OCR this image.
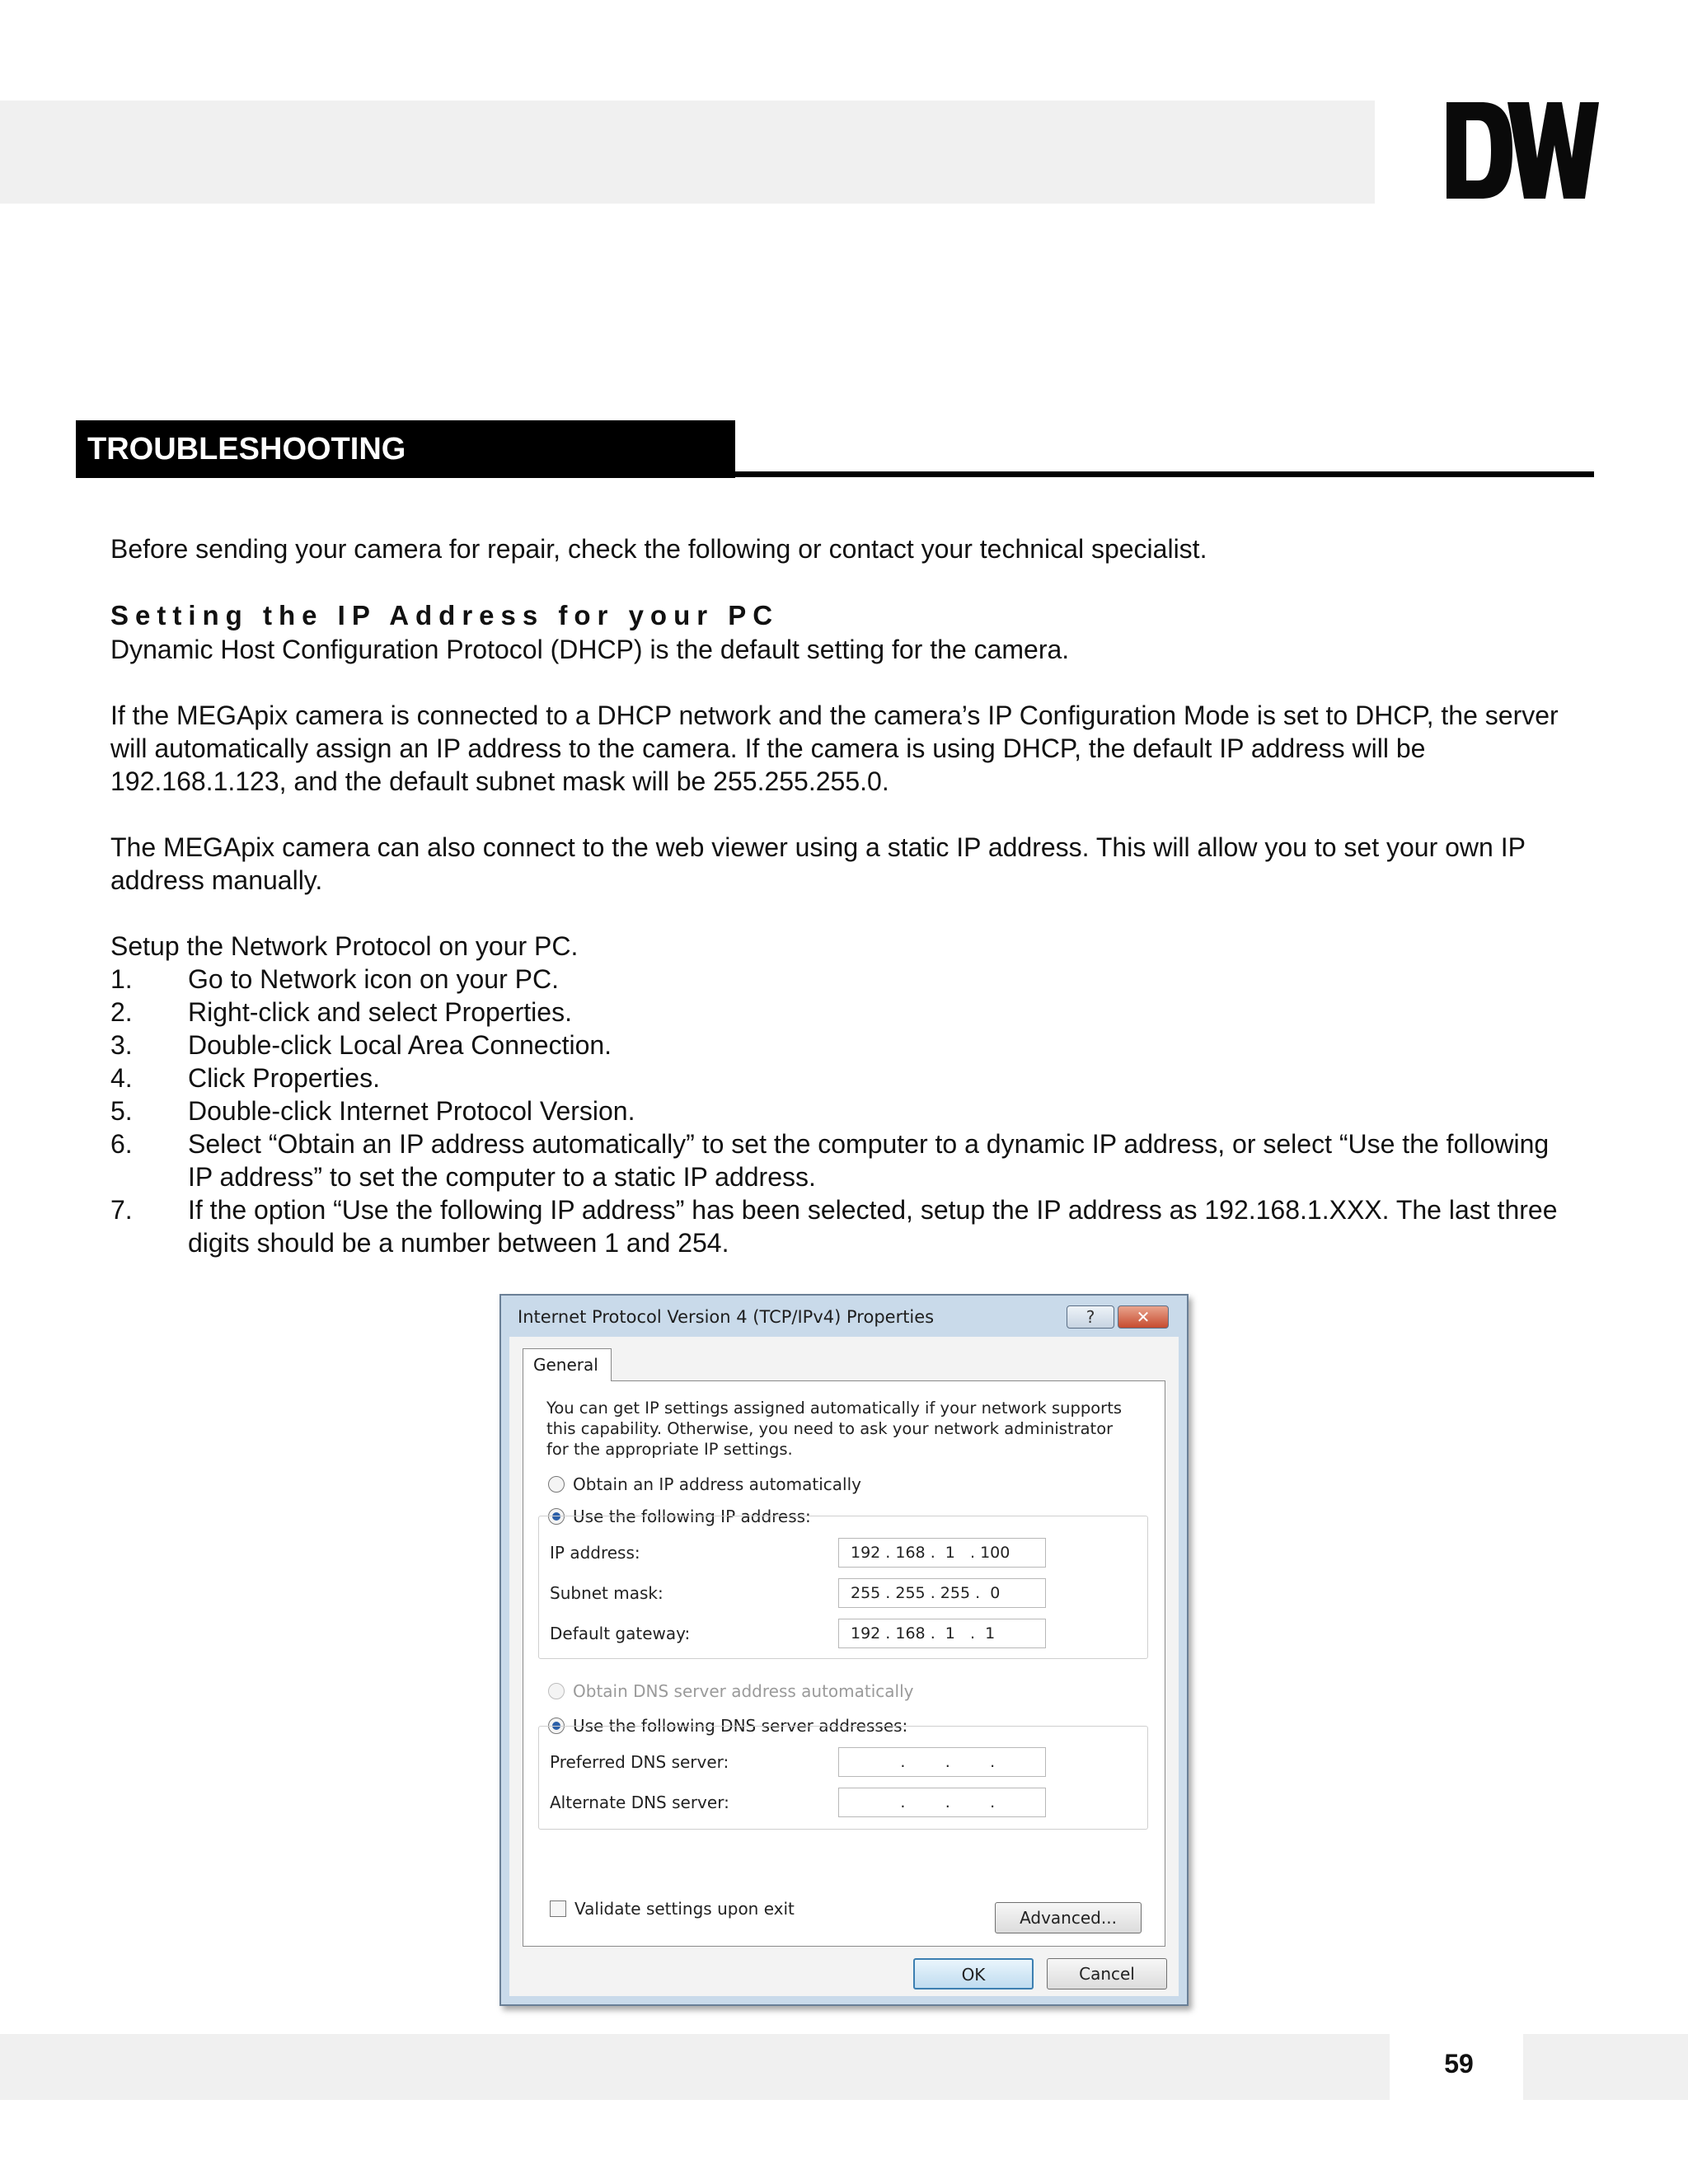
TROUBLESHOOTING

Before sending your camera for repair, check the following or contact your technical specialist.

Setting the IP Address for your PC

Dynamic Host Configuration Protocol (DHCP) is the default setting for the camera.

If the MEGApix camera is connected to a DHCP network and the camera’s IP Configuration Mode is set to DHCP, the server will automatically assign an IP address to the camera. If the camera is using DHCP, the default IP address will be 192.168.1.123, and the default subnet mask will be 255.255.255.0.

The MEGApix camera can also connect to the web viewer using a static IP address. This will allow you to set your own IP address manually.

Setup the Network Protocol on your PC.

1.	Go to Network icon on your PC.
2.	Right-click and select Properties.
3.	Double-click Local Area Connection.
4.	Click Properties.
5.	Double-click Internet Protocol Version.
6.	Select “Obtain an IP address automatically” to set the computer to a dynamic IP address, or select “Use the following IP address” to set the computer to a static IP address.
7.	If the option “Use the following IP address” has been selected, setup the IP address as 192.168.1.XXX. The last three digits should be a number between 1 and 254.
Internet Protocol Version 4 (TCP/IPv4) Properties	?	✕
General
You can get IP settings assigned automatically if your network supports this capability. Otherwise, you need to ask your network administrator for the appropriate IP settings.
Obtain an IP address automatically
Use the following IP address:
IP address:	192 . 168 .  1   . 100
Subnet mask:	255 . 255 . 255 .  0
Default gateway:	192 . 168 .  1   .  1
Obtain DNS server address automatically
Use the following DNS server addresses:
Preferred DNS server:	.        .        .
Alternate DNS server:	.        .        .
Validate settings upon exit	Advanced...
OK	Cancel
59
